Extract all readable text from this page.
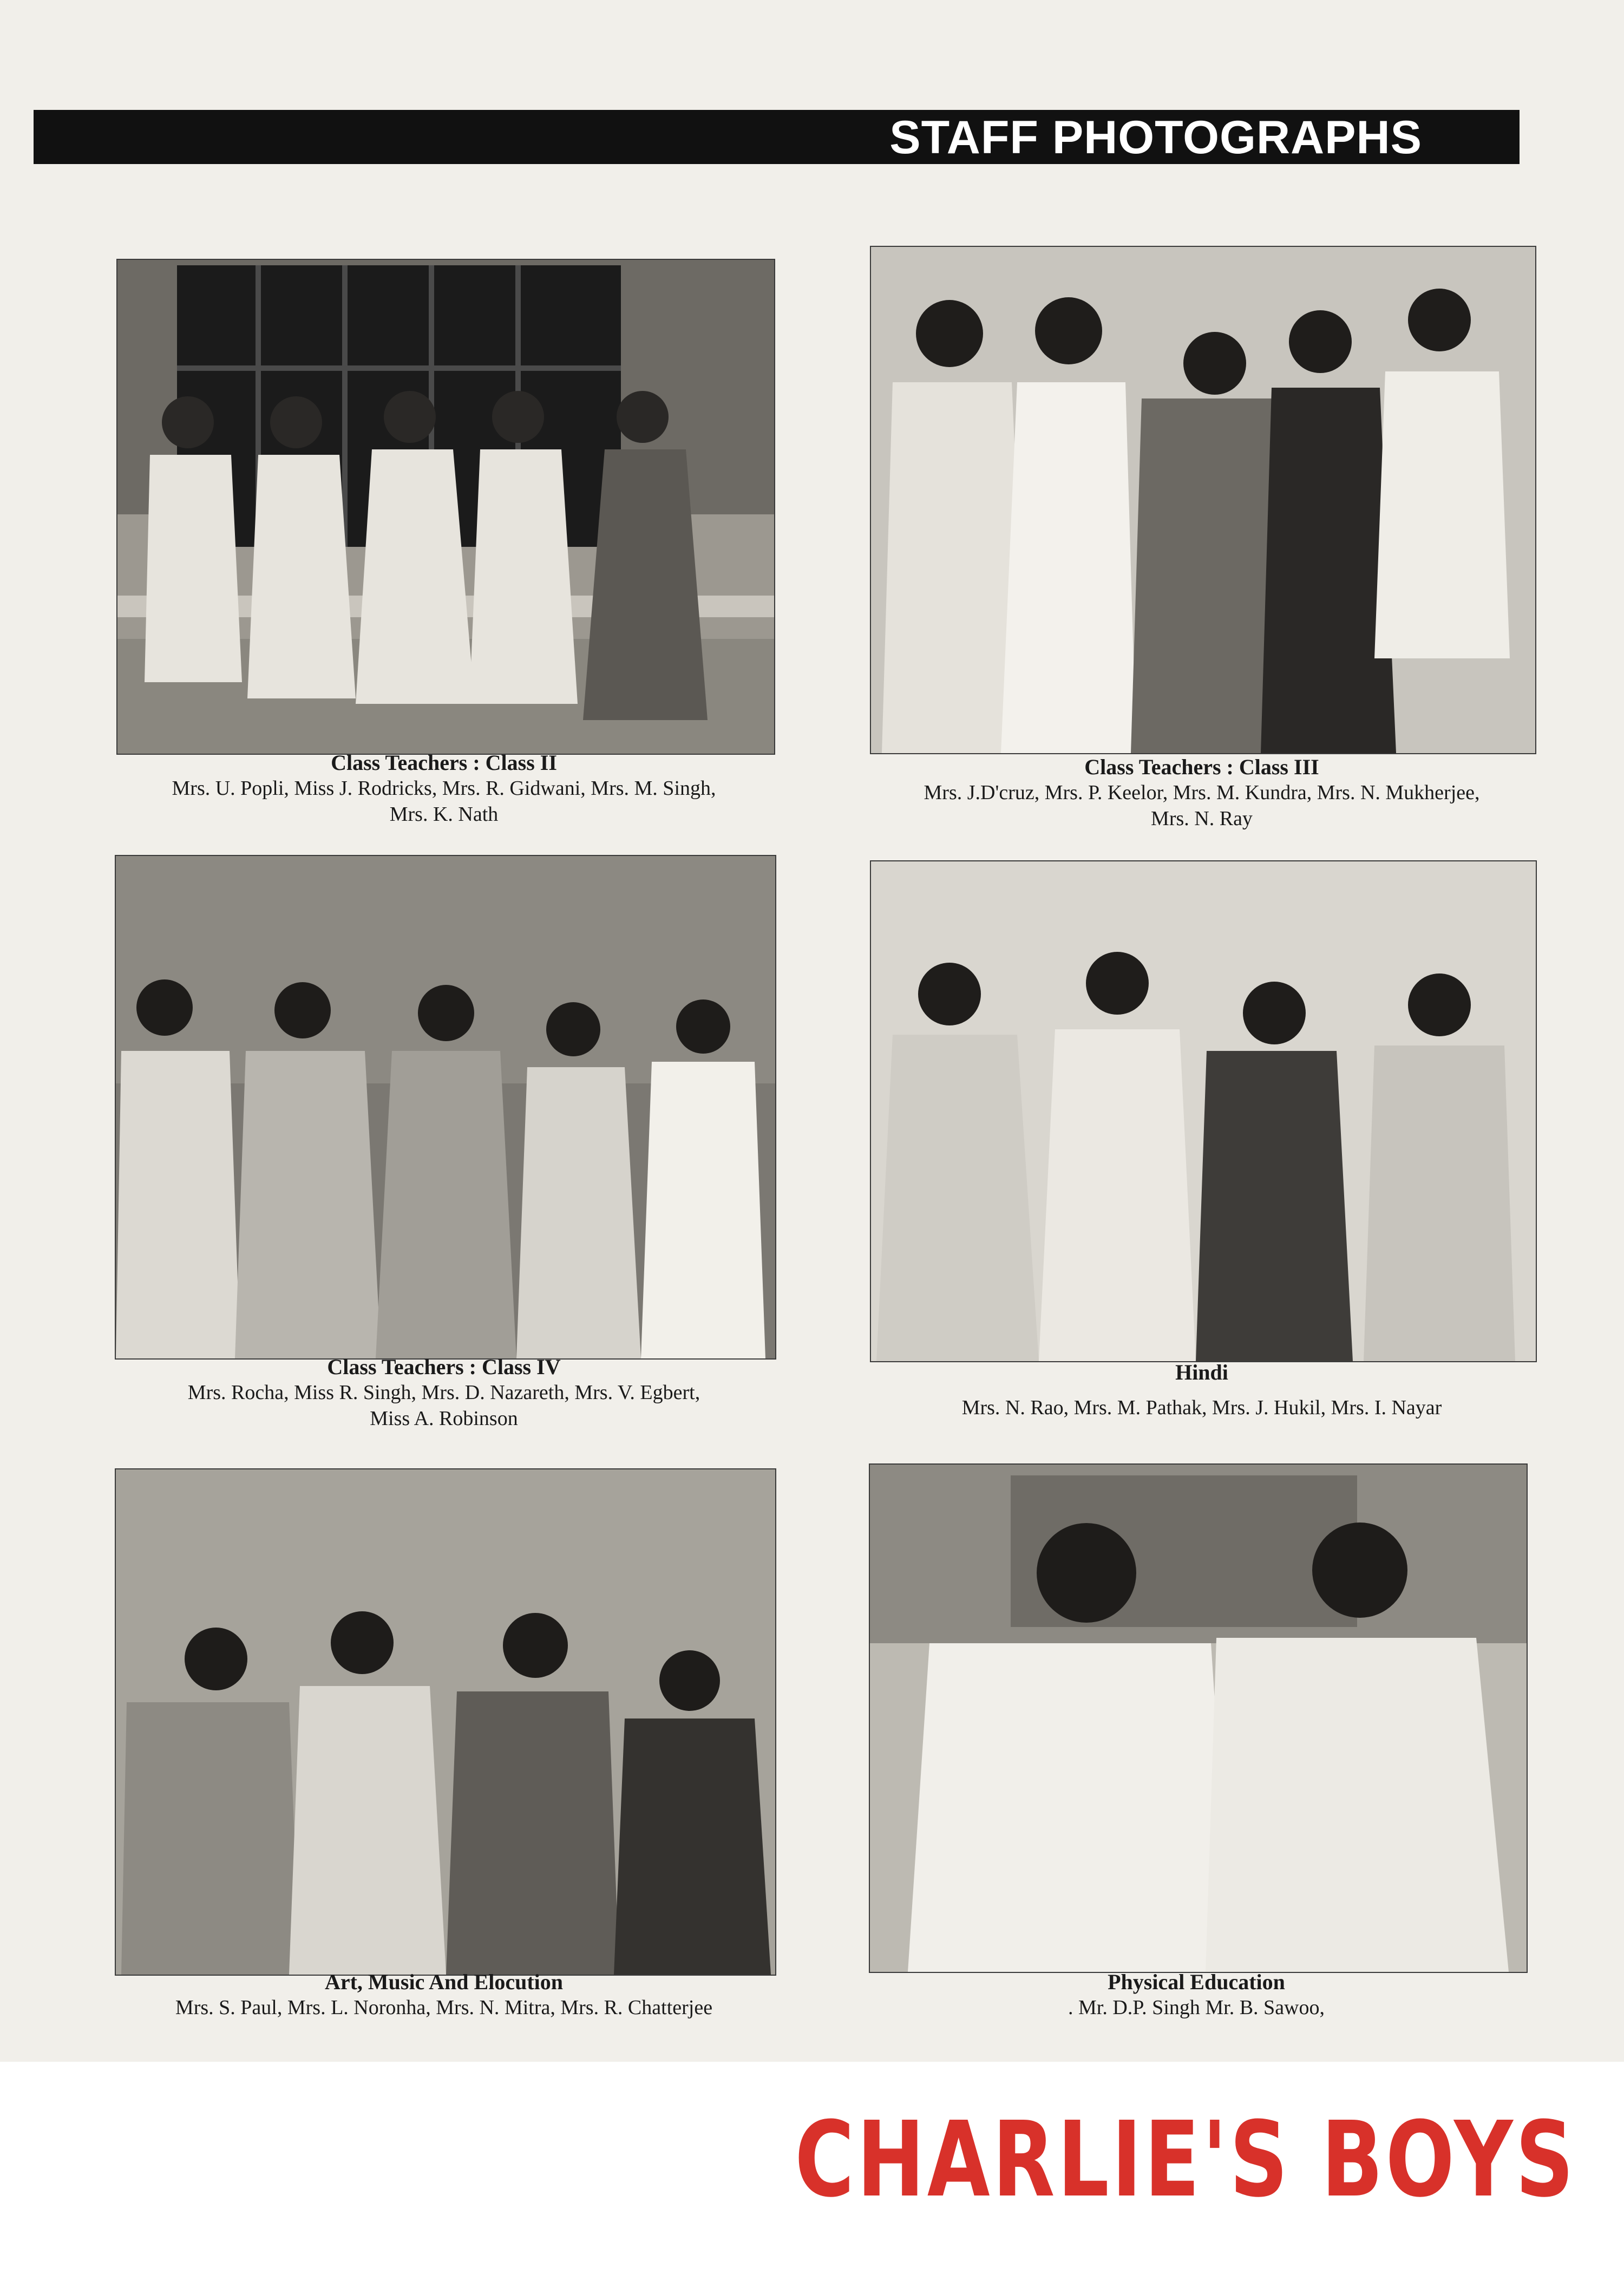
STAFF PHOTOGRAPHS
Class Teachers : Class II
Mrs. U. Popli, Miss J. Rodricks, Mrs. R. Gidwani, Mrs. M. Singh,
Mrs. K. Nath
Class Teachers : Class III
Mrs. J.D'cruz, Mrs. P. Keelor, Mrs. M. Kundra, Mrs. N. Mukherjee,
Mrs. N. Ray
Class Teachers : Class IV
Mrs. Rocha, Miss R. Singh, Mrs. D. Nazareth, Mrs. V. Egbert,
Miss A. Robinson
Hindi
Mrs. N. Rao, Mrs. M. Pathak, Mrs. J. Hukil, Mrs. I. Nayar
Art, Music And Elocution
Mrs. S. Paul, Mrs. L. Noronha, Mrs. N. Mitra, Mrs. R. Chatterjee
Physical Education
. Mr. D.P. Singh Mr. B. Sawoo,
CHARLIE'S BOYS
